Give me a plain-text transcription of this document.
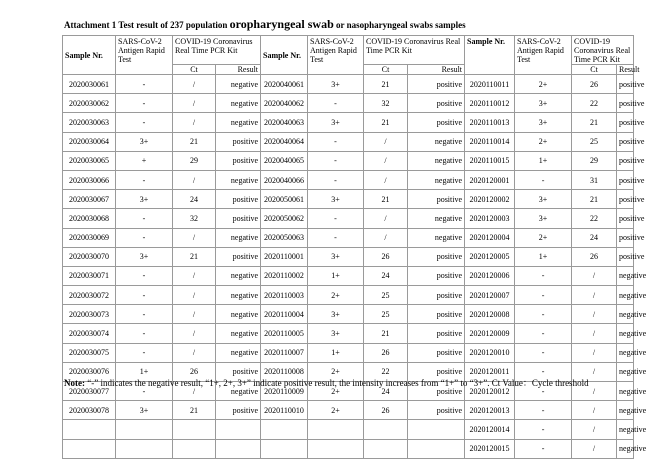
Attachment 1 Test result of 237 population oropharyngeal swab or nasopharyngeal swabs samples
Sample Nr.	SARS-CoV-2 Antigen Rapid Test	COVID-19 Coronavirus Real Time PCR Kit		Sample Nr.	SARS-CoV-2 Antigen Rapid Test	COVID-19 Coronavirus Real Time PCR Kit		Sample Nr.	SARS-CoV-2 Antigen Rapid Test	COVID-19 Coronavirus Real Time PCR Kit	
		Ct	Result			Ct	Result			Ct	Result
2020030061	-	/	negative	2020040061	3+	21	positive	2020110011	2+	26	positive
2020030062	-	/	negative	2020040062	-	32	positive	2020110012	3+	22	positive
2020030063	-	/	negative	2020040063	3+	21	positive	2020110013	3+	21	positive
2020030064	3+	21	positive	2020040064	-	/	negative	2020110014	2+	25	positive
2020030065	+	29	positive	2020040065	-	/	negative	2020110015	1+	29	positive
2020030066	-	/	negative	2020040066	-	/	negative	2020120001	-	31	positive
2020030067	3+	24	positive	2020050061	3+	21	positive	2020120002	3+	21	positive
2020030068	-	32	positive	2020050062	-	/	negative	2020120003	3+	22	positive
2020030069	-	/	negative	2020050063	-	/	negative	2020120004	2+	24	positive
2020030070	3+	21	positive	2020110001	3+	26	positive	2020120005	1+	26	positive
2020030071	-	/	negative	2020110002	1+	24	positive	2020120006	-	/	negative
2020030072	-	/	negative	2020110003	2+	25	positive	2020120007	-	/	negative
2020030073	-	/	negative	2020110004	3+	25	positive	2020120008	-	/	negative
2020030074	-	/	negative	2020110005	3+	21	positive	2020120009	-	/	negative
2020030075	-	/	negative	2020110007	1+	26	positive	2020120010	-	/	negative
2020030076	1+	26	positive	2020110008	2+	22	positive	2020120011	-	/	negative
2020030077	-	/	negative	2020110009	2+	24	positive	2020120012	-	/	negative
2020030078	3+	21	positive	2020110010	2+	26	positive	2020120013	-	/	negative
								2020120014	-	/	negative
								2020120015	-	/	negative
Note: “-” indicates the negative result, “1+, 2+, 3+” indicate positive result, the intensity increases from “1+” to “3+”. Ct Value：Cycle threshold
